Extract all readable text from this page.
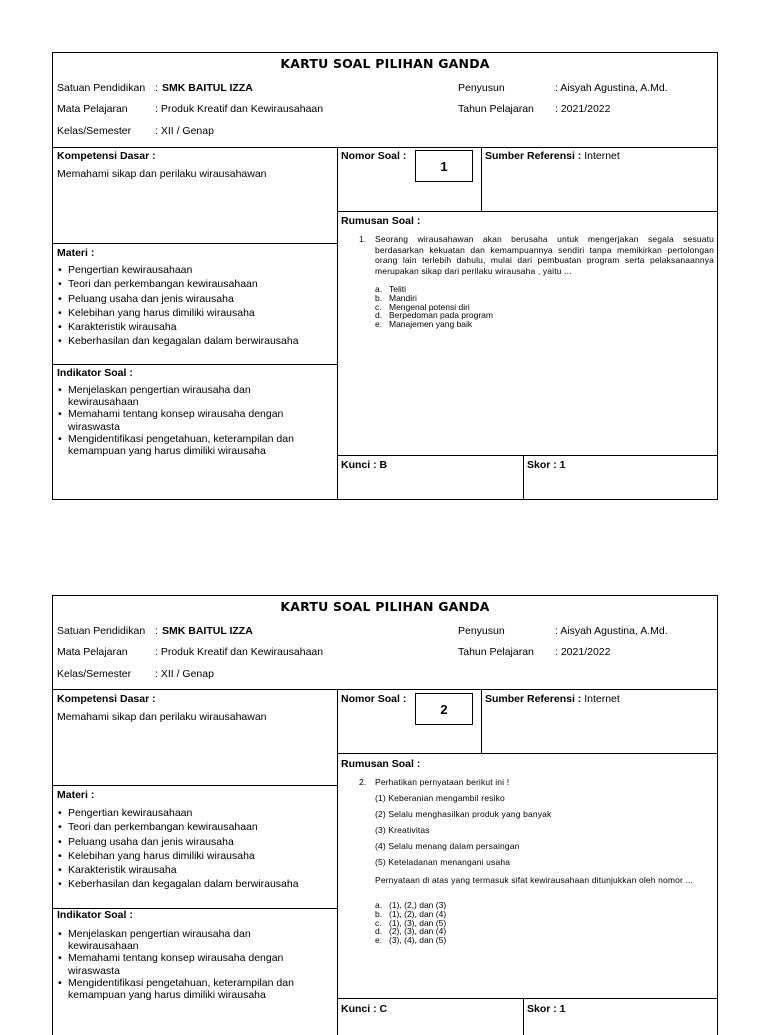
KARTU SOAL PILIHAN GANDA
Satuan Pendidikan : SMK BAITUL IZZA
Mata Pelajaran	: Produk Kreatif dan Kewirausahaan
Kelas/Semester : XII / Genap
Penyusun	: Aisyah Agustina, A.Md.
Tahun Pelajaran : 2021/2022
Kompetensi Dasar :
Memahami sikap dan perilaku wirausahawan
Nomor Soal :
1
Sumber Referensi : Internet
Materi :
• Pengertian kewirausahaan
• Teori dan perkembangan kewirausahaan
• Peluang usaha dan jenis wirausaha
• Kelebihan yang harus dimiliki wirausaha
• Karakteristik wirausaha
• Keberhasilan dan kegagalan dalam berwirausaha
Indikator Soal :
• Menjelaskan pengertian wirausaha dan kewirausahaan
• Memahami tentang konsep wirausaha dengan wiraswasta
• Mengidentifikasi pengetahuan, keterampilan dan kemampuan yang harus dimiliki wirausaha
Rumusan Soal :
1. Seorang wirausahawan akan berusaha untuk mengerjakan segala sesuatu berdasarkan kekuatan dan kemampuannya sendiri tanpa memikirkan pertolongan orang lain terlebih dahulu, mulai dari pembuatan program serta pelaksanaannya merupakan sikap dari perilaku wirausaha , yaitu ...
a. Teliti
b. Mandiri
c. Mengenal potensi diri
d. Berpedoman pada program
e. Manajemen yang baik
Kunci : B	Skor : 1
KARTU SOAL PILIHAN GANDA
Satuan Pendidikan : SMK BAITUL IZZA
Mata Pelajaran	: Produk Kreatif dan Kewirausahaan
Kelas/Semester : XII / Genap
Penyusun	: Aisyah Agustina, A.Md.
Tahun Pelajaran : 2021/2022
Kompetensi Dasar :
Memahami sikap dan perilaku wirausahawan
Nomor Soal :
2
Sumber Referensi : Internet
Materi :
• Pengertian kewirausahaan
• Teori dan perkembangan kewirausahaan
• Peluang usaha dan jenis wirausaha
• Kelebihan yang harus dimiliki wirausaha
• Karakteristik wirausaha
• Keberhasilan dan kegagalan dalam berwirausaha
Indikator Soal :
• Menjelaskan pengertian wirausaha dan kewirausahaan
• Memahami tentang konsep wirausaha dengan wiraswasta
• Mengidentifikasi pengetahuan, keterampilan dan kemampuan yang harus dimiliki wirausaha
Rumusan Soal :
2. Perhatikan pernyataan berikut ini !
(1) Keberanian mengambil resiko
(2) Selalu menghasilkan produk yang banyak
(3) Kreativitas
(4) Selalu menang dalam persaingan
(5) Keteladanan menangani usaha
Pernyataan di atas yang termasuk sifat kewirausahaan ditunjukkan oleh nomor ...
a. (1), (2,) dan (3)
b. (1), (2), dan (4)
c. (1), (3), dan (5)
d. (2), (3), dan (4)
e. (3), (4), dan (5)
Kunci : C	Skor : 1
